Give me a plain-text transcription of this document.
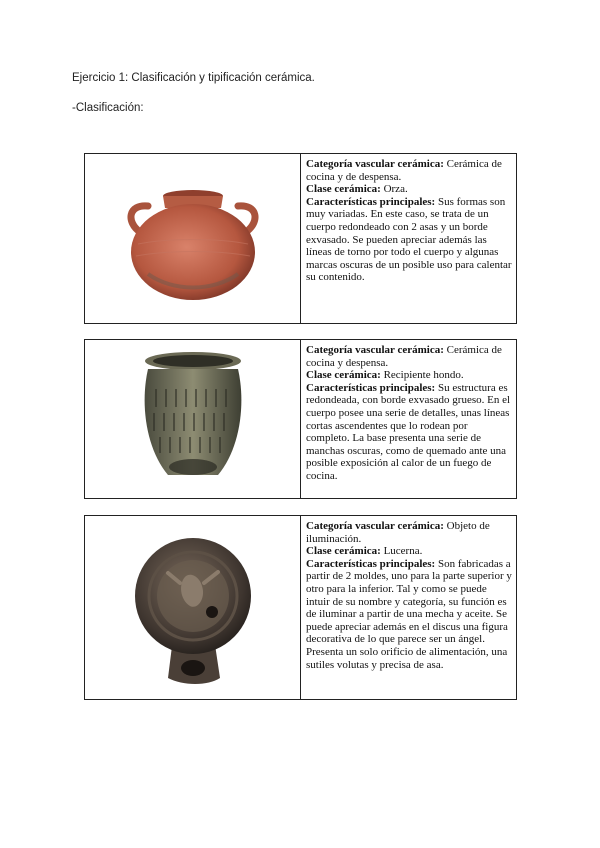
Ejercicio 1: Clasificación y tipificación cerámica.
-Clasificación:
Categoría vascular cerámica: Cerámica de cocina y de despensa.
Clase cerámica: Orza.
Características principales: Sus formas son muy variadas. En este caso, se trata de un cuerpo redondeado con 2 asas y un borde exvasado. Se pueden apreciar además las líneas de torno por todo el cuerpo y algunas marcas oscuras de un posible uso para calentar su contenido.
Categoría vascular cerámica: Cerámica de cocina y despensa.
Clase cerámica: Recipiente hondo.
Características principales: Su estructura es redondeada, con borde exvasado grueso. En el cuerpo posee una serie de detalles, unas líneas cortas ascendentes que lo rodean por completo. La base presenta una serie de manchas oscuras, como de quemado ante una posible exposición al calor de un fuego de cocina.
Categoría vascular cerámica: Objeto de iluminación.
Clase cerámica: Lucerna.
Características principales: Son fabricadas a partir de 2 moldes, uno para la parte superior y otro para la inferior. Tal y como se puede intuir de su nombre y categoría, su función es de iluminar a partir de una mecha y aceite. Se puede apreciar además en el discus una figura decorativa de lo que parece ser un ángel. Presenta un solo orificio de alimentación, una sutiles volutas y precisa de asa.
